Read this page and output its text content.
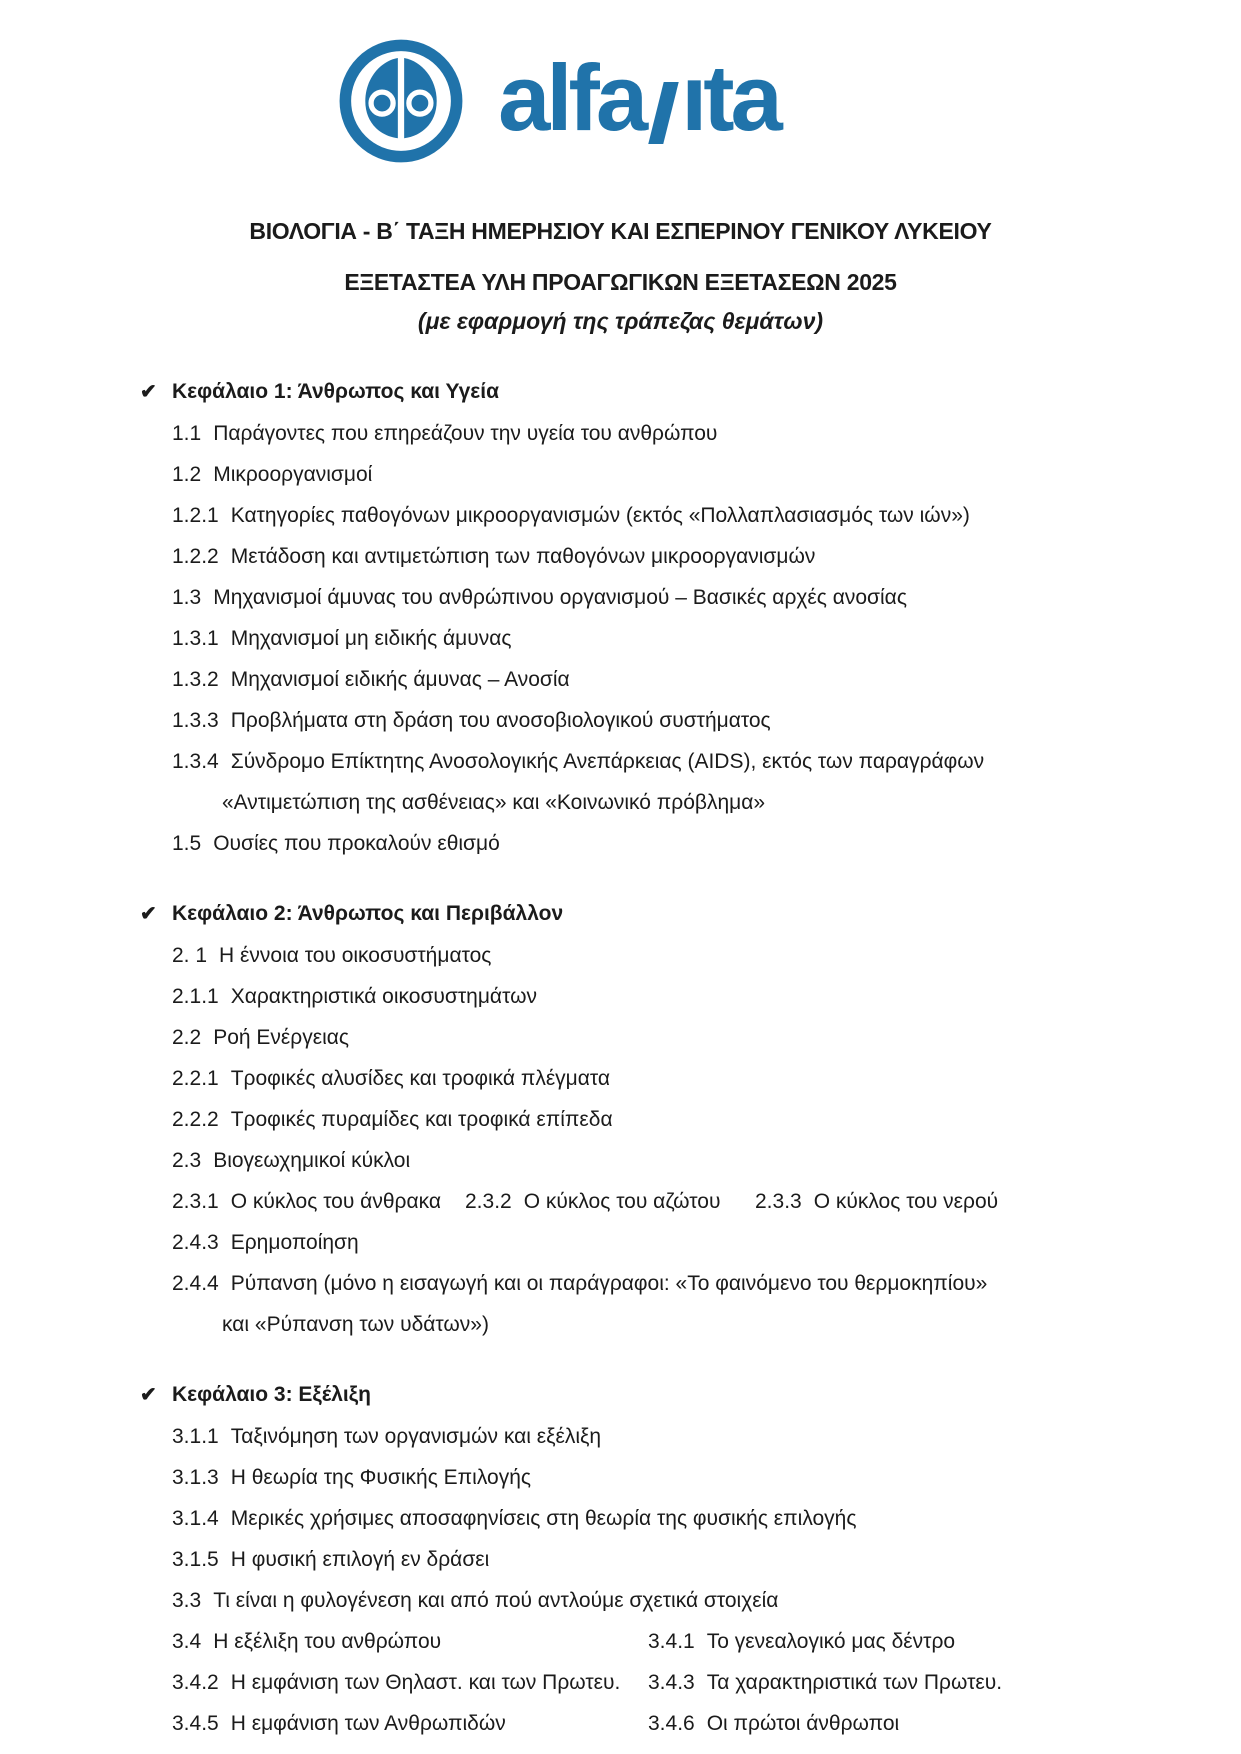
alfa ıta
ΒΙΟΛΟΓΙΑ - Β΄ ΤΑΞΗ ΗΜΕΡΗΣΙΟΥ ΚΑΙ ΕΣΠΕΡΙΝΟΥ ΓΕΝΙΚΟΥ ΛΥΚΕΙΟΥ
ΕΞΕΤΑΣΤΕΑ ΥΛΗ ΠΡΟΑΓΩΓΙΚΩΝ ΕΞΕΤΑΣΕΩΝ 2025
(με εφαρμογή της τράπεζας θεμάτων)
✔ Κεφάλαιο 1: Άνθρωπος και Υγεία
1.1 Παράγοντες που επηρεάζουν την υγεία του ανθρώπου
1.2 Μικροοργανισμοί
1.2.1 Κατηγορίες παθογόνων μικροοργανισμών (εκτός «Πολλαπλασιασμός των ιών»)
1.2.2 Μετάδοση και αντιμετώπιση των παθογόνων μικροοργανισμών
1.3 Μηχανισμοί άμυνας του ανθρώπινου οργανισμού – Βασικές αρχές ανοσίας
1.3.1 Μηχανισμοί μη ειδικής άμυνας
1.3.2 Μηχανισμοί ειδικής άμυνας – Ανοσία
1.3.3 Προβλήματα στη δράση του ανοσοβιολογικού συστήματος
1.3.4 Σύνδρομο Επίκτητης Ανοσολογικής Ανεπάρκειας (AIDS), εκτός των παραγράφων
«Αντιμετώπιση της ασθένειας» και «Κοινωνικό πρόβλημα»
1.5 Ουσίες που προκαλούν εθισμό
✔ Κεφάλαιο 2: Άνθρωπος και Περιβάλλον
2. 1 Η έννοια του οικοσυστήματος
2.1.1 Χαρακτηριστικά οικοσυστημάτων
2.2 Ροή Ενέργειας
2.2.1 Τροφικές αλυσίδες και τροφικά πλέγματα
2.2.2 Τροφικές πυραμίδες και τροφικά επίπεδα
2.3 Βιογεωχημικοί κύκλοι
2.3.1 Ο κύκλος του άνθρακα	2.3.2 Ο κύκλος του αζώτου	2.3.3 Ο κύκλος του νερού
2.4.3 Ερημοποίηση
2.4.4 Ρύπανση (μόνο η εισαγωγή και οι παράγραφοι: «Το φαινόμενο του θερμοκηπίου»
και «Ρύπανση των υδάτων»)
✔ Κεφάλαιο 3: Εξέλιξη
3.1.1 Ταξινόμηση των οργανισμών και εξέλιξη
3.1.3 Η θεωρία της Φυσικής Επιλογής
3.1.4 Μερικές χρήσιμες αποσαφηνίσεις στη θεωρία της φυσικής επιλογής
3.1.5 Η φυσική επιλογή εν δράσει
3.3 Τι είναι η φυλογένεση και από πού αντλούμε σχετικά στοιχεία
3.4 Η εξέλιξη του ανθρώπου	3.4.1 Το γενεαλογικό μας δέντρο
3.4.2 Η εμφάνιση των Θηλαστ. και των Πρωτευ.	3.4.3 Τα χαρακτηριστικά των Πρωτευ.
3.4.5 Η εμφάνιση των Ανθρωπιδών	3.4.6 Οι πρώτοι άνθρωποι
